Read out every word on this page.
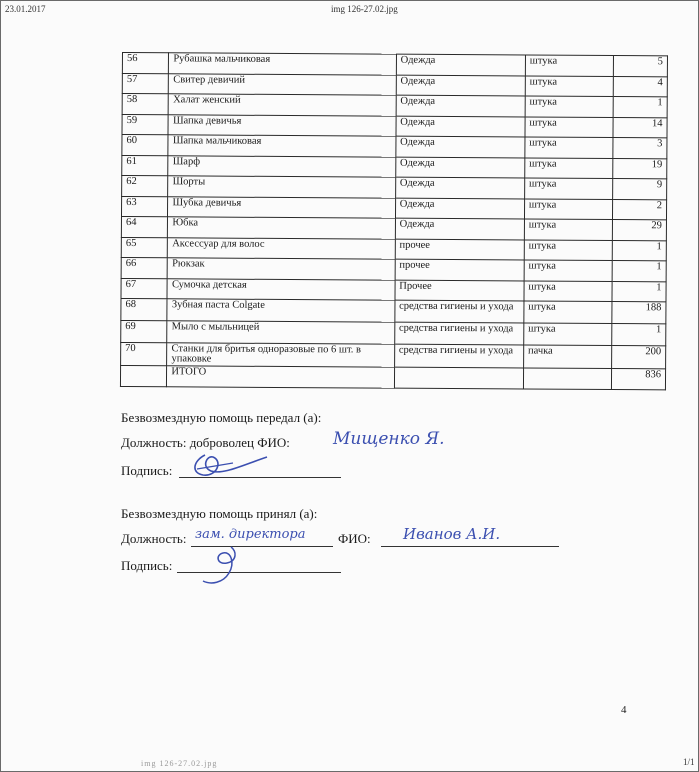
23.01.2017	img 126-27.02.jpg
56	Рубашка мальчиковая	Одежда	штука	5
57	Свитер девичий	Одежда	штука	4
58	Халат женский	Одежда	штука	1
59	Шапка девичья	Одежда	штука	14
60	Шапка мальчиковая	Одежда	штука	3
61	Шарф	Одежда	штука	19
62	Шорты	Одежда	штука	9
63	Шубка девичья	Одежда	штука	2
64	Юбка	Одежда	штука	29
65	Аксессуар для волос	прочее	штука	1
66	Рюкзак	прочее	штука	1
67	Сумочка детская	Прочее	штука	1
68	Зубная паста Colgate	средства гигиены и ухода	штука	188
69	Мыло с мыльницей	средства гигиены и ухода	штука	1
70	Станки для бритья одноразовые по 6 шт. в упаковке	средства гигиены и ухода	пачка	200
	ИТОГО			836
Безвозмездную помощь передал (а):
Должность: доброволец ФИО:	Мищенко Я.
Подпись:
Безвозмездную помощь принял (а):
Должность: зам. директора	ФИО: Иванов А.И.
Подпись:
4
img 126-27.02.jpg	1/1
